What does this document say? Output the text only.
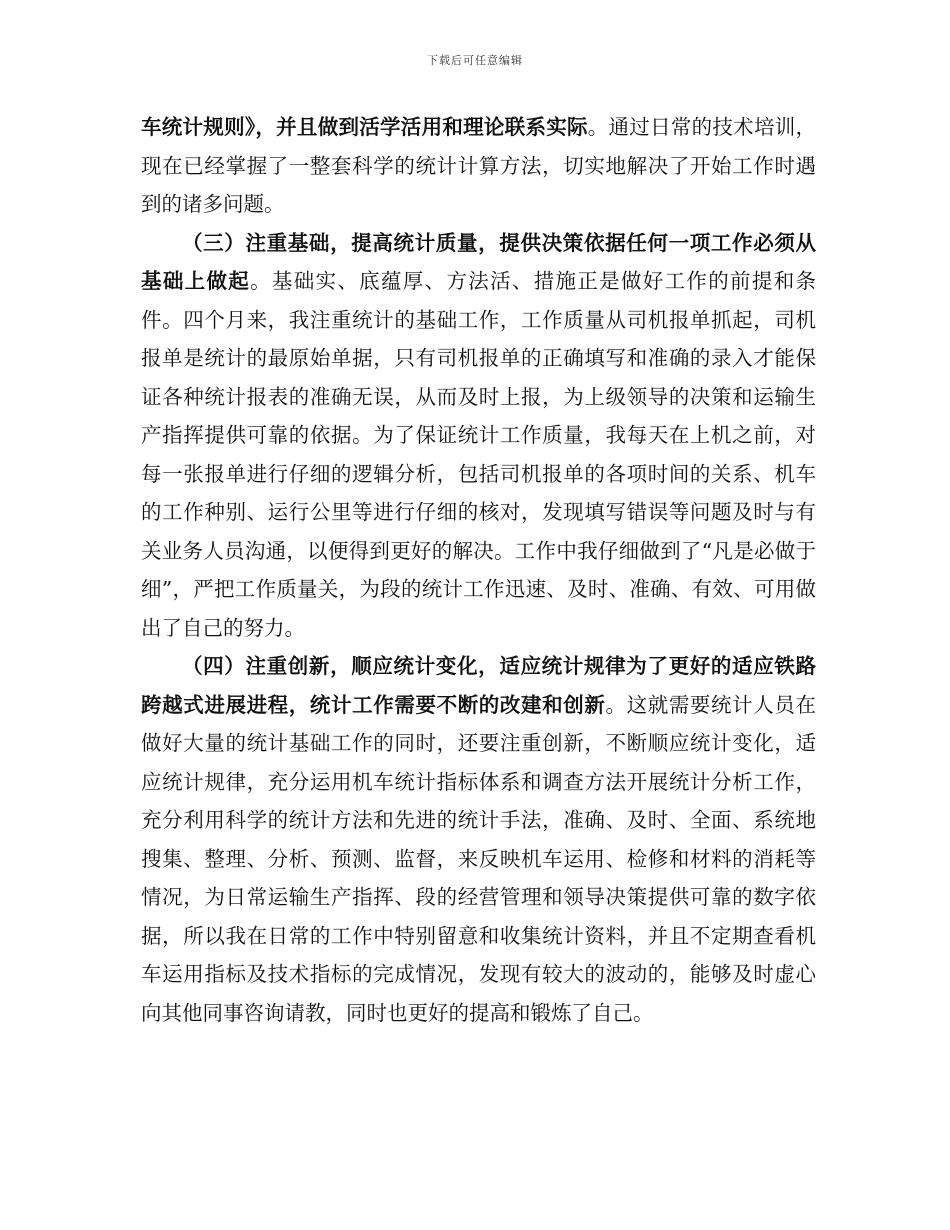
下载后可任意编辑

车统计规则》，并且做到活学活用和理论联系实际。通过日常的技术培训，现在已经掌握了一整套科学的统计计算方法，切实地解决了开始工作时遇到的诸多问题。

（三）注重基础，提高统计质量，提供决策依据任何一项工作必须从基础上做起。基础实、底蕴厚、方法活、措施正是做好工作的前提和条件。四个月来，我注重统计的基础工作，工作质量从司机报单抓起，司机报单是统计的最原始单据，只有司机报单的正确填写和准确的录入才能保证各种统计报表的准确无误，从而及时上报，为上级领导的决策和运输生产指挥提供可靠的依据。为了保证统计工作质量，我每天在上机之前，对每一张报单进行仔细的逻辑分析，包括司机报单的各项时间的关系、机车的工作种别、运行公里等进行仔细的核对，发现填写错误等问题及时与有关业务人员沟通，以便得到更好的解决。工作中我仔细做到了“凡是必做于细”，严把工作质量关，为段的统计工作迅速、及时、准确、有效、可用做出了自己的努力。

（四）注重创新，顺应统计变化，适应统计规律为了更好的适应铁路跨越式进展进程，统计工作需要不断的改建和创新。这就需要统计人员在做好大量的统计基础工作的同时，还要注重创新，不断顺应统计变化，适应统计规律，充分运用机车统计指标体系和调查方法开展统计分析工作，充分利用科学的统计方法和先进的统计手法，准确、及时、全面、系统地搜集、整理、分析、预测、监督，来反映机车运用、检修和材料的消耗等情况，为日常运输生产指挥、段的经营管理和领导决策提供可靠的数字依据，所以我在日常的工作中特别留意和收集统计资料，并且不定期查看机车运用指标及技术指标的完成情况，发现有较大的波动的，能够及时虚心向其他同事咨询请教，同时也更好的提高和锻炼了自己。
